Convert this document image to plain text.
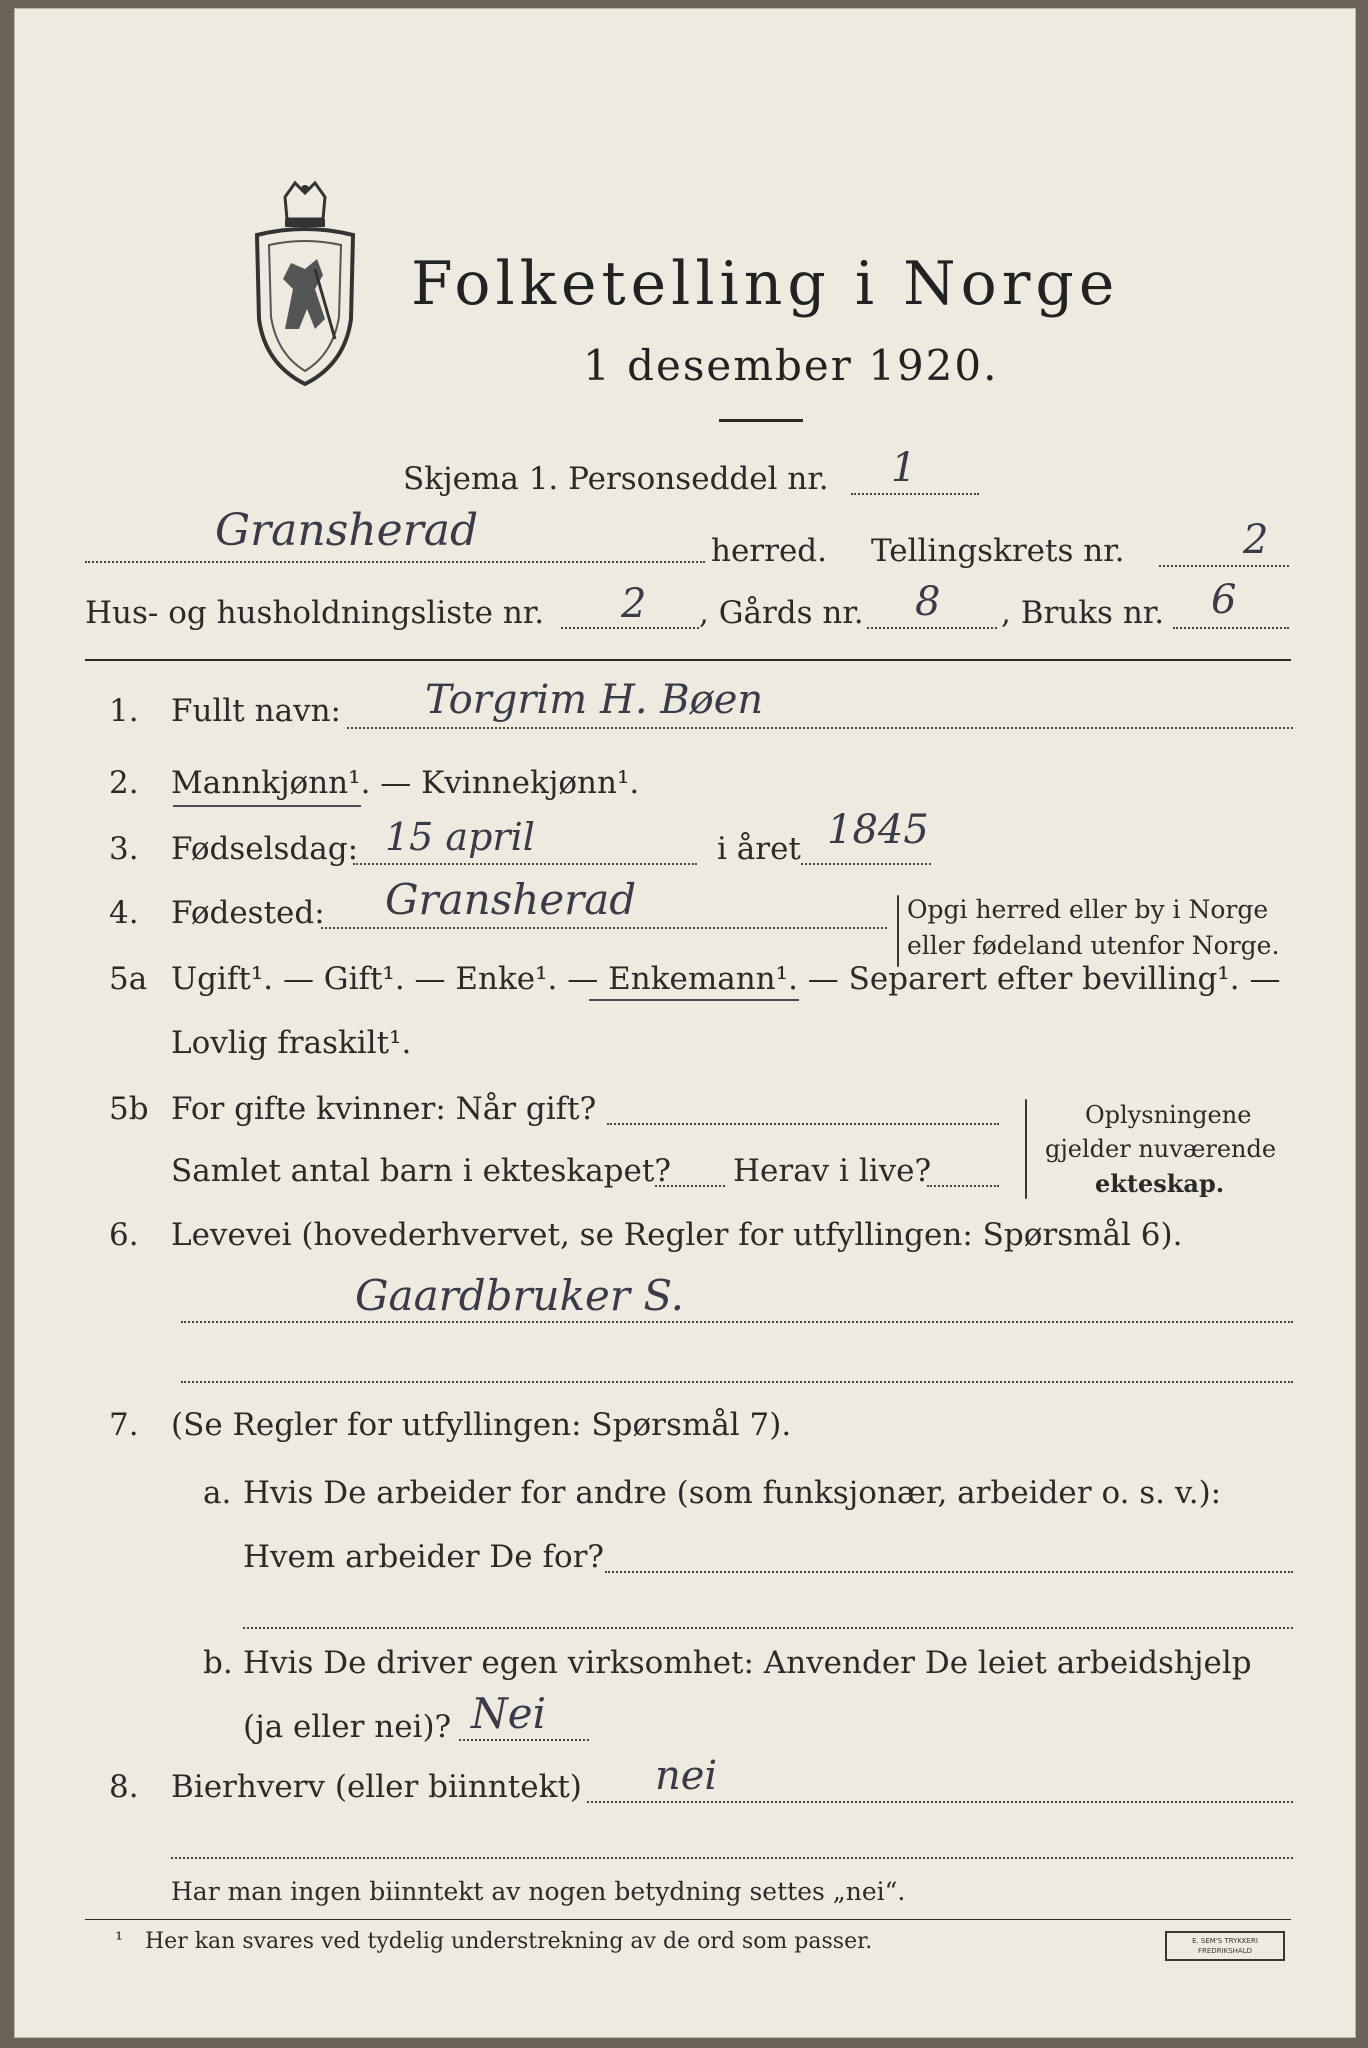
Folketelling i Norge
1 desember 1920.
Skjema 1. Personseddel nr. 1
Gransherad	herred. Tellingskrets nr.	2
Hus- og husholdningsliste nr. 2 , Gårds nr. 8 , Bruks nr. 6
1. Fullt navn: Torgrim H. Bøen
2. Mannkjønn¹. — Kvinnekjønn¹.
3. Fødselsdag: 15 april	i året 1845
4. Fødested: Gransherad	Opgi herred eller by i Norge
eller fødeland utenfor Norge.
5a Ugift¹. — Gift¹. — Enke¹. — Enkemann¹. — Separert efter bevilling¹. —
Lovlig fraskilt¹.
5b For gifte kvinner: Når gift?
Samlet antal barn i ekteskapet? Herav i live?
Oplysningene
gjelder nuværende
ekteskap.
6. Levevei (hovederhvervet, se Regler for utfyllingen: Spørsmål 6).
Gaardbruker S.
7. (Se Regler for utfyllingen: Spørsmål 7).
a. Hvis De arbeider for andre (som funksjonær, arbeider o. s. v.):
Hvem arbeider De for?
b. Hvis De driver egen virksomhet: Anvender De leiet arbeidshjelp
(ja eller nei)? Nei
8. Bierhverv (eller biinntekt) nei
Har man ingen biinntekt av nogen betydning settes „nei“.
¹ Her kan svares ved tydelig understrekning av de ord som passer.	E. SEM'S TRYKKERI FREDRIKSHALD
